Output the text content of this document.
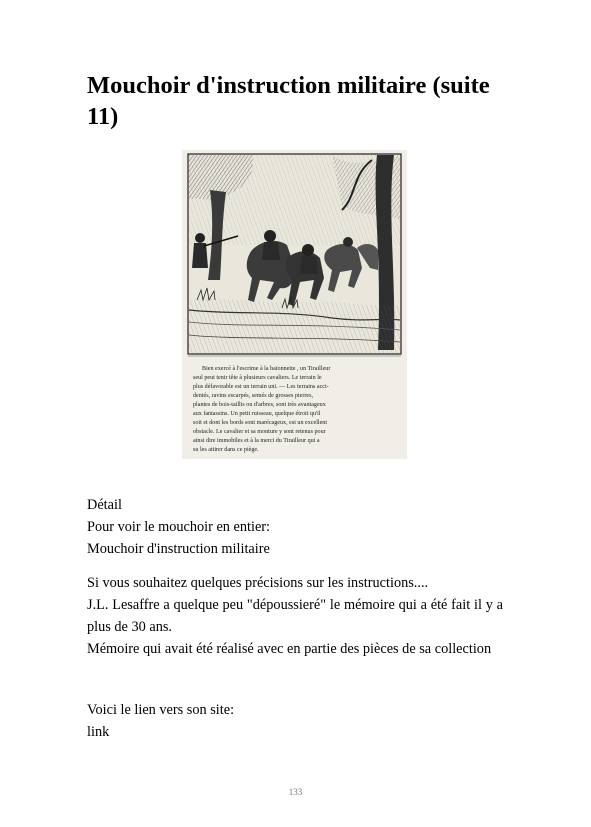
Mouchoir d'instruction militaire (suite 11)
Bien exercé à l'escrime à la baïonnette , un Tirailleur
seul peut tenir tête à plusieurs cavaliers. Le terrain le
plus défavorable est un terrain uni. — Les terrains acci-
dentés, ravins escarpés, semés de grosses pierres,
plantes de bois-taillis ou d'arbres, sont très avantageux
aux fantassins. Un petit ruisseau, quelque étroit qu'il
soit et dont les bords sont marécageux, est un excellent
obstacle. Le cavalier et sa monture y sont retenus pour
ainsi dire immobiles et à la merci du Tirailleur qui a
su les attirer dans ce piège.

Détail

Pour voir le mouchoir en entier:

Mouchoir d'instruction militaire

Si vous souhaitez quelques précisions sur les instructions....

J.L. Lesaffre a quelque peu "dépoussieré" le mémoire qui a été fait il y a plus de 30 ans.

Mémoire qui avait été réalisé avec en partie des pièces de sa collection

Voici le lien vers son site:

link

133
